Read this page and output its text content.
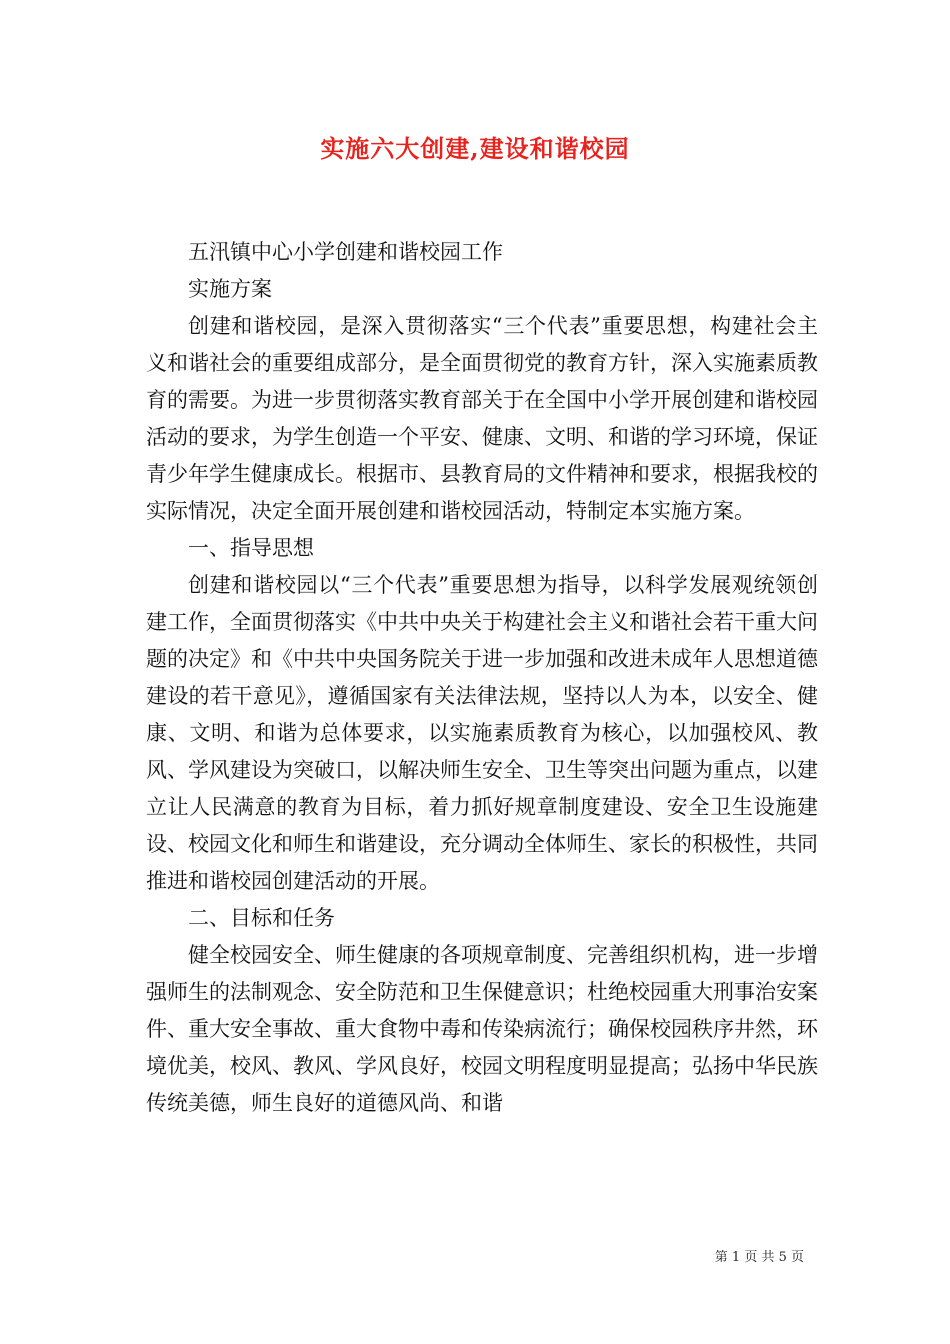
实施六大创建,建设和谐校园

五汛镇中心小学创建和谐校园工作

实施方案

创建和谐校园，是深入贯彻落实“三个代表”重要思想，构建社会主义和谐社会的重要组成部分，是全面贯彻党的教育方针，深入实施素质教育的需要。为进一步贯彻落实教育部关于在全国中小学开展创建和谐校园活动的要求，为学生创造一个平安、健康、文明、和谐的学习环境，保证青少年学生健康成长。根据市、县教育局的文件精神和要求，根据我校的实际情况，决定全面开展创建和谐校园活动，特制定本实施方案。

一、指导思想

创建和谐校园以“三个代表”重要思想为指导，以科学发展观统领创建工作，全面贯彻落实《中共中央关于构建社会主义和谐社会若干重大问题的决定》和《中共中央国务院关于进一步加强和改进未成年人思想道德建设的若干意见》，遵循国家有关法律法规，坚持以人为本，以安全、健康、文明、和谐为总体要求，以实施素质教育为核心，以加强校风、教风、学风建设为突破口，以解决师生安全、卫生等突出问题为重点，以建立让人民满意的教育为目标，着力抓好规章制度建设、安全卫生设施建设、校园文化和师生和谐建设，充分调动全体师生、家长的积极性，共同推进和谐校园创建活动的开展。

二、目标和任务

健全校园安全、师生健康的各项规章制度、完善组织机构，进一步增强师生的法制观念、安全防范和卫生保健意识；杜绝校园重大刑事治安案件、重大安全事故、重大食物中毒和传染病流行；确保校园秩序井然，环境优美，校风、教风、学风良好，校园文明程度明显提高；弘扬中华民族传统美德，师生良好的道德风尚、和谐

第 1 页 共 5 页
